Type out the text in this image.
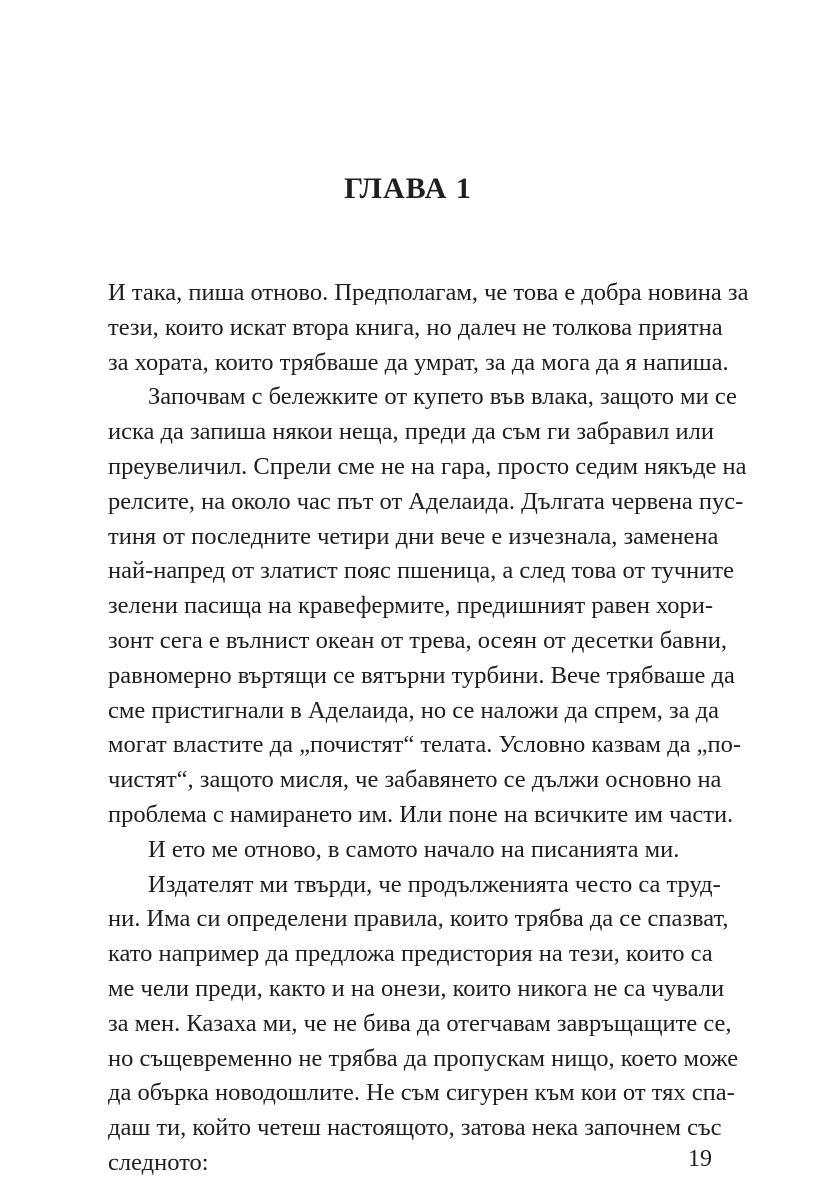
ГЛАВА 1
И така, пиша отново. Предполагам, че това е добра новина за
тези, които искат втора книга, но далеч не толкова приятна
за хората, които трябваше да умрат, за да мога да я напиша.
Започвам с бележките от купето във влака, защото ми се
иска да запиша някои неща, преди да съм ги забравил или
преувеличил. Спрели сме не на гара, просто седим някъде на
релсите, на около час път от Аделаида. Дългата червена пус-
тиня от последните четири дни вече е изчезнала, заменена
най-напред от златист пояс пшеница, а след това от тучните
зелени пасища на кравефермите, предишният равен хори-
зонт сега е вълнист океан от трева, осеян от десетки бавни,
равномерно въртящи се вятърни турбини. Вече трябваше да
сме пристигнали в Аделаида, но се наложи да спрем, за да
могат властите да „почистят“ телата. Условно казвам да „по-
чистят“, защото мисля, че забавянето се дължи основно на
проблема с намирането им. Или поне на всичките им части.
И ето ме отново, в самото начало на писанията ми.
Издателят ми твърди, че продълженията често са труд-
ни. Има си определени правила, които трябва да се спазват,
като например да предложа предистория на тези, които са
ме чели преди, както и на онези, които никога не са чували
за мен. Казаха ми, че не бива да отегчавам завръщащите се,
но същевременно не трябва да пропускам нищо, което може
да обърка новодошлите. Не съм сигурен към кои от тях спа-
даш ти, който четеш настоящото, затова нека започнем със
следното:	19
